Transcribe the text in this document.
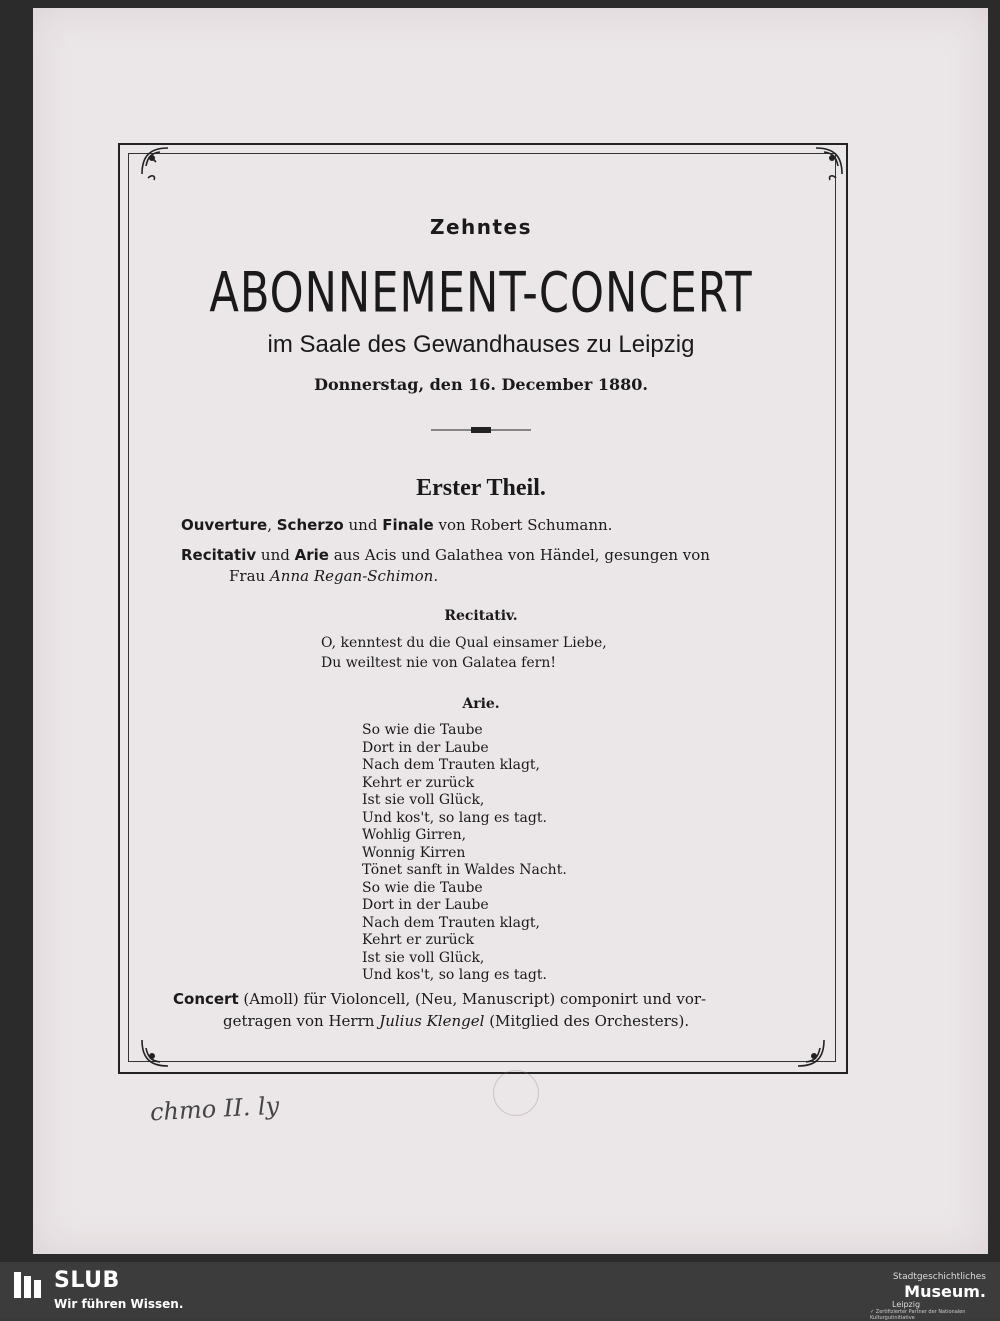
Zehntes
ABONNEMENT-CONCERT
im Saale des Gewandhauses zu Leipzig
Donnerstag, den 16. December 1880.
Erster Theil.
Ouverture, Scherzo und Finale von Robert Schumann.
Recitativ und Arie aus Acis und Galathea von Händel, gesungen von
Frau Anna Regan-Schimon.
Recitativ.
O, kenntest du die Qual einsamer Liebe,
Du weiltest nie von Galatea fern!
Arie.
So wie die Taube
Dort in der Laube
Nach dem Trauten klagt,
Kehrt er zurück
Ist sie voll Glück,
Und kos't, so lang es tagt.
Wohlig Girren,
Wonnig Kirren
Tönet sanft in Waldes Nacht.
So wie die Taube
Dort in der Laube
Nach dem Trauten klagt,
Kehrt er zurück
Ist sie voll Glück,
Und kos't, so lang es tagt.
Concert (Amoll) für Violoncell, (Neu, Manuscript) componirt und vor-
getragen von Herrn Julius Klengel (Mitglied des Orchesters).
chmo II. ly
SLUB
Wir führen Wissen.
Stadtgeschichtliches
Museum.
Leipzig
✓ Zertifizierter Partner der Nationalen Kulturgutinitiative
